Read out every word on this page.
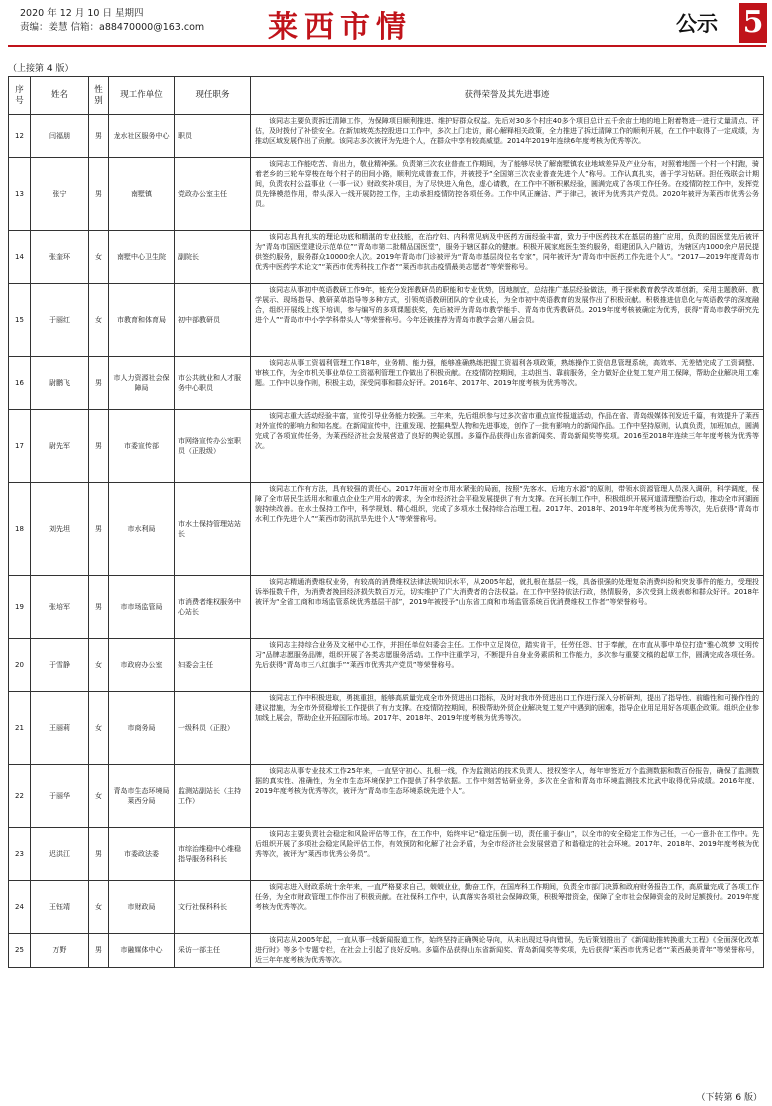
2020 年 12 月 10 日 星期四
责编：姜慧 信箱：a88470000@163.com 莱西市情	公示 5
（上接第 4 版）
序号	姓名	性别	现工作单位	现任职务	获得荣誉及其先进事迹
12	闫福朋	男	龙水社区服务中心	职员	该同志主要负责拆迁清障工作，为保障项目顺利推进、维护好群众权益。先后对30多个村庄40多个项目总计五千余亩土地的地上附着物进一进行丈量清点、评估，及时拨付了补偿安全。在新加坡英杰控股进口工作中，多次上门走访，耐心解释相关政策，全力推进了拆迁清障工作的顺利开展，在工作中取得了一定成绩，为推动区域发展作出了贡献。该同志多次被评为先进个人，在群众中享有较高威望。2014年2019年连续6年度考核为优秀等次。

13	张宁	男	南墅镇	党政办公室主任	该同志工作能吃苦、肯出力，敬业精神强。负责第三次农业普查工作期间，为了能够尽快了解南墅镇农业地域差异及产业分布，对照着地图一个村一个村跑，骑着老乡的三轮车穿梭在每个村子的田间小路，顺利完成普查工作，并被授予“全国第三次农业普查先进个人”称号。工作认真扎实，善于学习钻研。担任残联会计期间，负责农村公益事业（一事一议）财政奖补项目，为了尽快进入角色，虚心请教，在工作中不断积累经验，圆满完成了各项工作任务。在疫情防控工作中，发挥党员先锋模范作用，带头深入一线开展防控工作，主动承担疫情防控各项任务。工作中风正廉洁、严于律己，被评为优秀共产党员。2020年被评为莱西市优秀公务员。

14	张奎环	女	南墅中心卫生院	副院长	该同志具有扎实的理论功底和精湛的专业技能，在治疗妇、内科常见病及中医药方面经验丰富，致力于中医药技术在基层的推广应用，负责的国医堂先后被评为“青岛市国医堂建设示范单位”“青岛市第二批精品国医堂”，服务于辖区群众的健康。积极开展家庭医生签约服务，组建团队入户随访，为辖区内1000余户居民提供签约服务，服务群众10000余人次。2019年青岛市门诊被评为“青岛市基层岗位名专家”，同年被评为“青岛市中医药工作先进个人”。“2017—2019年度青岛市优秀中医药学术论文”“莱西市优秀科技工作者”“莱西市抗击疫情最美志愿者”等荣誉称号。

15	于丽红	女	市教育和体育局	初中部教研员	该同志从事初中英语教研工作9年，能充分发挥教研员的职能和专业优势，因地制宜，总结推广基层经验做法，勇于探索教育教学改革创新，采用主题教研、教学展示、现场指导、教研菜单指导等多种方式，引领英语教研团队的专业成长，为全市初中英语教育的发展作出了积极贡献。积极推进信息化与英语教学的深度融合，组织开展线上线下培训，参与编写的多项课题获奖，先后被评为青岛市教学能手、青岛市优秀教研员。2019年度考核被确定为优秀，获得“青岛市教学研究先进个人”“青岛市中小学学科带头人”等荣誉称号。今年还被推荐为青岛市教学会第八届会员。

16	尉鹏飞	男	市人力资源社会保障局	市公共就业和人才服务中心职员	该同志从事工资福利管理工作18年，业务精、能力强，能够准确熟练把握工资福利各项政策，熟练操作工资信息管理系统，高效率、无差错完成了工资调整、审核工作，为全市机关事业单位工资福利管理工作做出了积极贡献。在疫情防控期间，主动担当、靠前服务，全力做好企业复工复产用工保障，帮助企业解决用工难题。工作中以身作则，积极主动，深受同事和群众好评。2016年、2017年、2019年度考核为优秀等次。

17	尉先军	男	市委宣传部	市网络宣传办公室职员（正股级）	该同志重大活动经验丰富，宣传引导业务能力较强。三年来，先后组织参与过多次省市重点宣传报道活动，作品在省、青岛级媒体刊发近千篇，有效提升了莱西对外宣传的影响力和知名度。在新闻宣传中，注重发现、挖掘典型人物和先进事迹，创作了一批有影响力的新闻作品。工作中坚持原则，认真负责，加班加点，圆满完成了各项宣传任务，为莱西经济社会发展营造了良好的舆论氛围。多篇作品获得山东省新闻奖、青岛新闻奖等奖项。2016至2018年连续三年年度考核为优秀等次。

18	刘先坦	男	市水利局	市水土保持管理站站长	该同志工作有方法，具有较强的责任心。2017年面对全市用水紧张的局面，按照“先客水、后地方水源”的原则，带领水资源管理人员深入调研，科学调度，保障了全市居民生活用水和重点企业生产用水的需求，为全市经济社会平稳发展提供了有力支撑。在河长制工作中，积极组织开展河道清理整治行动，推动全市河湖面貌持续改善。在水土保持工作中，科学规划、精心组织，完成了多项水土保持综合治理工程。2017年、2018年、2019年年度考核为优秀等次，先后获得“青岛市水利工作先进个人”“莱西市防汛抗旱先进个人”等荣誉称号。

19	张培军	男	市市场监管局	市消费者维权服务中心站长	该同志精通消费维权业务，有较高的消费维权法律法规知识水平，从2005年起，就扎根在基层一线，具备很强的处理复杂消费纠纷和突发事件的能力，受理投诉举报数千件，为消费者挽回经济损失数百万元，切实维护了广大消费者的合法权益。在工作中坚持依法行政，热情服务，多次受到上级表彰和群众好评。2018年被评为“全省工商和市场监管系统优秀基层干部”，2019年被授予“山东省工商和市场监管系统百优消费维权工作者”等荣誉称号。

20	于雪静	女	市政府办公室	妇委会主任	该同志主持综合业务及文秘中心工作，并担任单位妇委会主任。工作中立足岗位，踏实肯干，任劳任怨、甘于奉献，在市直从事中单位打造“雅心筑梦 文明传习”品牌志愿服务品牌，组织开展了各类志愿服务活动。工作中注重学习，不断提升自身业务素质和工作能力，多次参与重要文稿的起草工作，圆满完成各项任务。先后获得“青岛市三八红旗手”“莱西市优秀共产党员”等荣誉称号。

21	王丽莉	女	市商务局	一级科员（正股）	该同志工作中积极进取，勇挑重担，能够高质量完成全市外贸进出口指标，及时对我市外贸进出口工作进行深入分析研判，提出了指导性、前瞻性和可操作性的建议措施，为全市外贸稳增长工作提供了有力支撑。在疫情防控期间，积极帮助外贸企业解决复工复产中遇到的困难，指导企业用足用好各项惠企政策。组织企业参加线上展会，帮助企业开拓国际市场。2017年、2018年、2019年度考核为优秀等次。

22	于丽华	女	青岛市生态环境局莱西分局	监测站副站长（主持工作）	该同志从事专业技术工作25年来，一直坚守初心、扎根一线，作为监测站的技术负责人、授权签字人，每年审签近万个监测数据和数百份报告，确保了监测数据的真实性、准确性，为全市生态环境保护工作提供了科学依据。工作中刻苦钻研业务，多次在全省和青岛市环境监测技术比武中取得优异成绩。2016年度、2019年度考核为优秀等次，被评为“青岛市生态环境系统先进个人”。

23	迟洪江	男	市委政法委	市综治维稳中心维稳指导服务科科长	该同志主要负责社会稳定和风险评估等工作，在工作中，始终牢记“稳定压倒一切，责任重于泰山”，以全市的安全稳定工作为己任，一心一意扑在工作中。先后组织开展了多项社会稳定风险评估工作，有效预防和化解了社会矛盾，为全市经济社会发展营造了和谐稳定的社会环境。2017年、2018年、2019年度考核为优秀等次，被评为“莱西市优秀公务员”。

24	王钰靖	女	市财政局	文行社保科科长	该同志进入财政系统十余年来，一直严格要求自己，兢兢业业，勤奋工作，在国库科工作期间，负责全市部门决算和政府财务报告工作，高质量完成了各项工作任务，为全市财政管理工作作出了积极贡献。在社保科工作中，认真落实各项社会保障政策，积极筹措资金，保障了全市社会保障资金的及时足额拨付。2019年度考核为优秀等次。

25	万野	男	市融媒体中心	采访一部主任	该同志从2005年起，一直从事一线新闻报道工作，始终坚持正确舆论导向，从未出现过导向错误，先后策划推出了《新闻助推转换重大工程》《全面深化改革进行时》等多个专题专栏，在社会上引起了良好反响。多篇作品获得山东省新闻奖、青岛新闻奖等奖项，先后获得“莱西市优秀记者”“莱西最美青年”等荣誉称号，近三年年度考核为优秀等次。
（下转第 6 版）
